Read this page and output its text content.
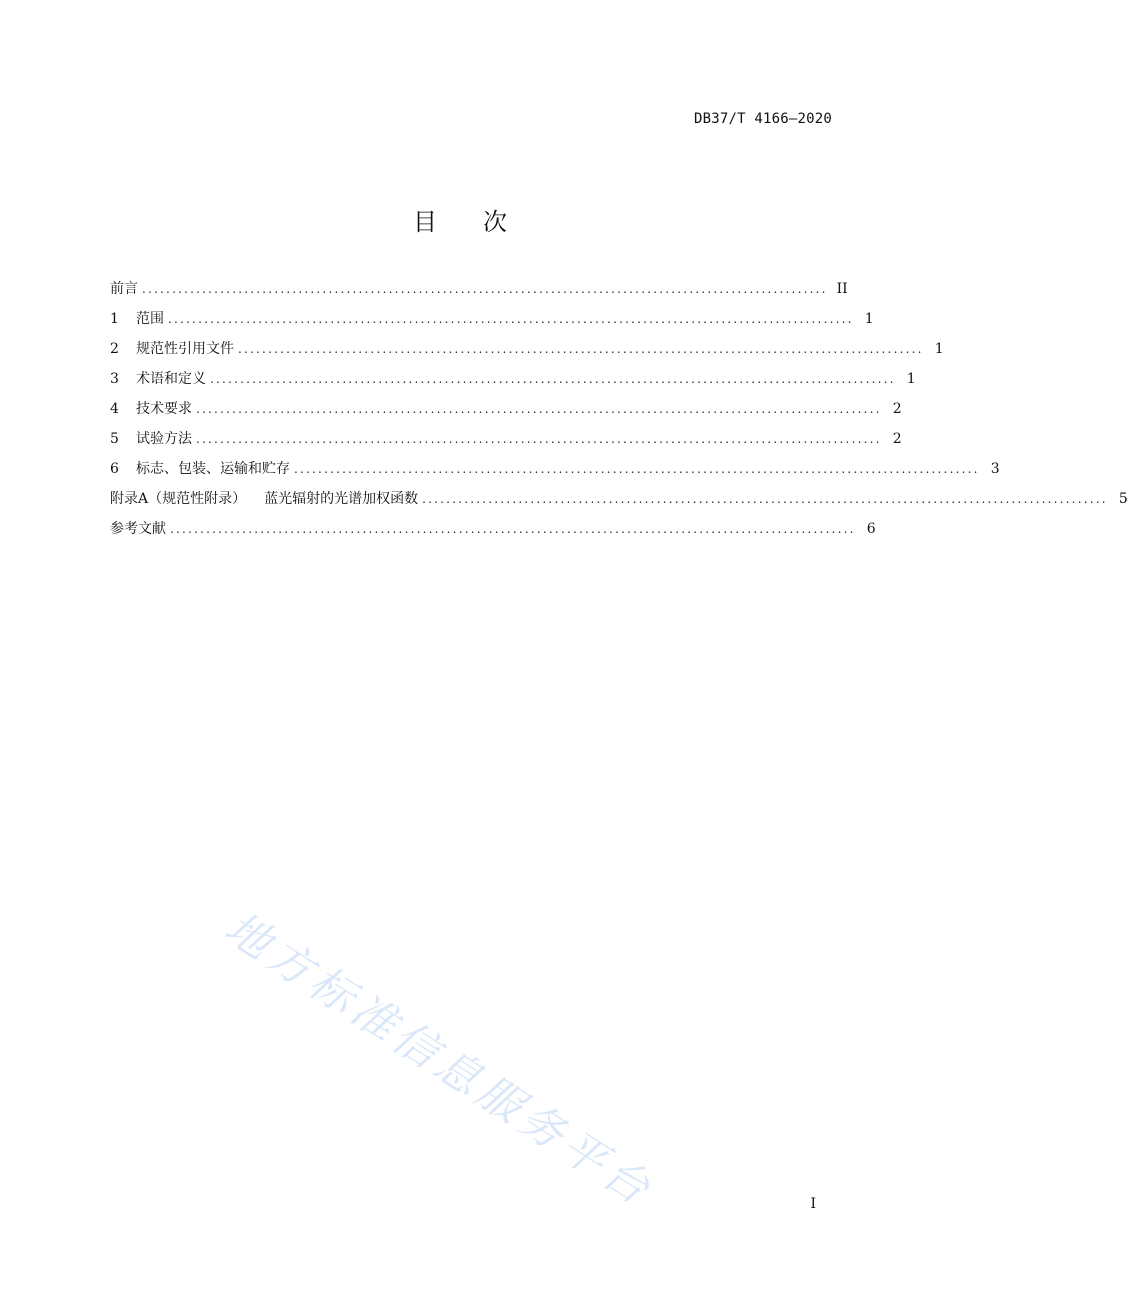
DB37/T 4166—2020
目 次
前言 .................................................................................................................. II
1	范围 .................................................................................................................. 1
2	规范性引用文件 .................................................................................................................. 1
3	术语和定义 .................................................................................................................. 1
4	技术要求 .................................................................................................................. 2
5	试验方法 .................................................................................................................. 2
6	标志、包装、运输和贮存 .................................................................................................................. 3
附录A（规范性附录） 蓝光辐射的光谱加权函数 .................................................................................................................. 5
参考文献 .................................................................................................................. 6
地方标准信息服务平台	I
